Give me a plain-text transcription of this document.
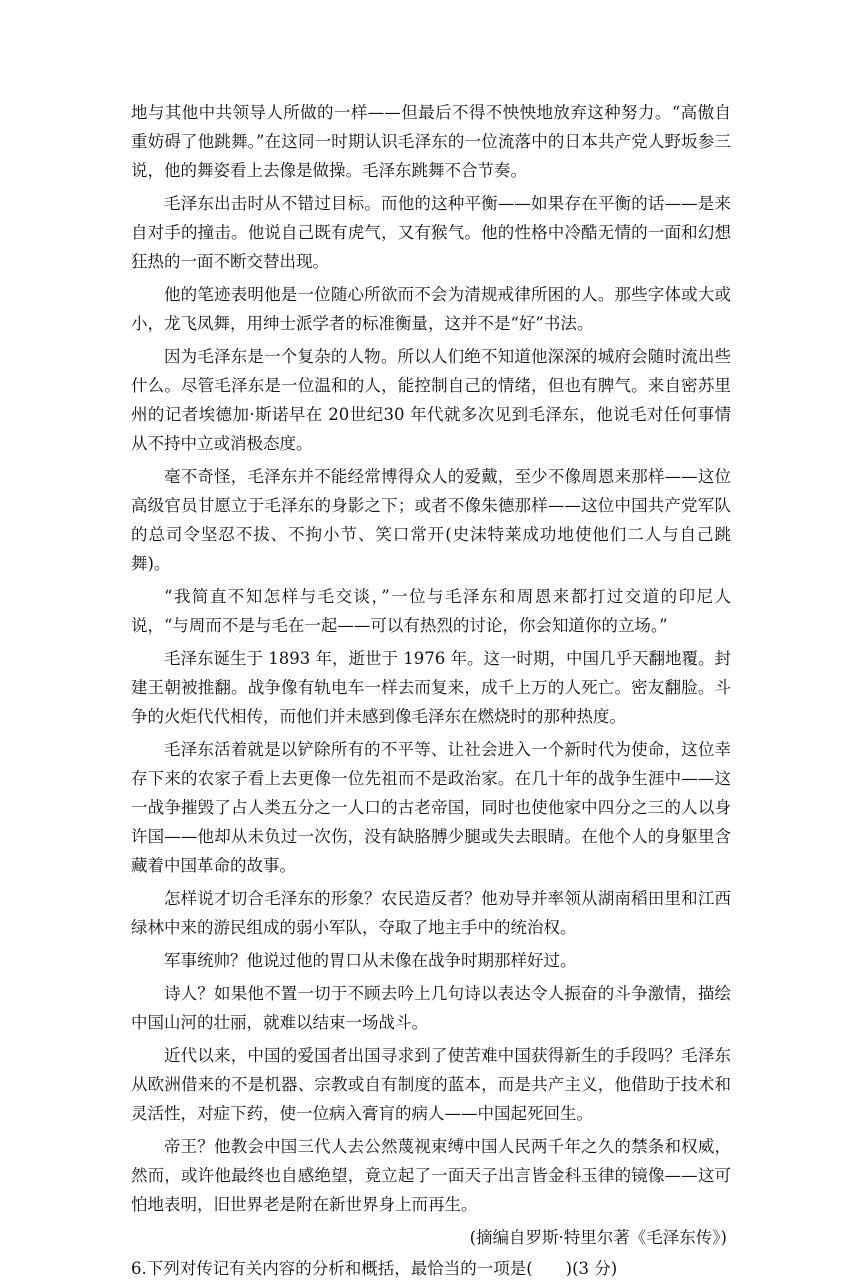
地与其他中共领导人所做的一样——但最后不得不怏怏地放弃这种努力。“高傲自重妨碍了他跳舞。”在这同一时期认识毛泽东的一位流落中的日本共产党人野坂参三说，他的舞姿看上去像是做操。毛泽东跳舞不合节奏。

毛泽东出击时从不错过目标。而他的这种平衡——如果存在平衡的话——是来自对手的撞击。他说自己既有虎气，又有猴气。他的性格中冷酷无情的一面和幻想狂热的一面不断交替出现。

他的笔迹表明他是一位随心所欲而不会为清规戒律所困的人。那些字体或大或小，龙飞凤舞，用绅士派学者的标准衡量，这并不是“好”书法。

因为毛泽东是一个复杂的人物。所以人们绝不知道他深深的城府会随时流出些什么。尽管毛泽东是一位温和的人，能控制自己的情绪，但也有脾气。来自密苏里州的记者埃德加·斯诺早在 20世纪30 年代就多次见到毛泽东，他说毛对任何事情从不持中立或消极态度。

毫不奇怪，毛泽东并不能经常博得众人的爱戴，至少不像周恩来那样——这位高级官员甘愿立于毛泽东的身影之下；或者不像朱德那样——这位中国共产党军队的总司令坚忍不拔、不拘小节、笑口常开(史沫特莱成功地使他们二人与自己跳舞)。

“我简直不知怎样与毛交谈，”一位与毛泽东和周恩来都打过交道的印尼人说，“与周而不是与毛在一起——可以有热烈的讨论，你会知道你的立场。”

毛泽东诞生于 1893 年，逝世于 1976 年。这一时期，中国几乎天翻地覆。封建王朝被推翻。战争像有轨电车一样去而复来，成千上万的人死亡。密友翻脸。斗争的火炬代代相传，而他们并未感到像毛泽东在燃烧时的那种热度。

毛泽东活着就是以铲除所有的不平等、让社会进入一个新时代为使命，这位幸存下来的农家子看上去更像一位先祖而不是政治家。在几十年的战争生涯中——这一战争摧毁了占人类五分之一人口的古老帝国，同时也使他家中四分之三的人以身许国——他却从未负过一次伤，没有缺胳膊少腿或失去眼睛。在他个人的身躯里含藏着中国革命的故事。

怎样说才切合毛泽东的形象？农民造反者？他劝导并率领从湖南稻田里和江西绿林中来的游民组成的弱小军队，夺取了地主手中的统治权。

军事统帅？他说过他的胃口从未像在战争时期那样好过。

诗人？如果他不置一切于不顾去吟上几句诗以表达令人振奋的斗争激情，描绘中国山河的壮丽，就难以结束一场战斗。

近代以来，中国的爱国者出国寻求到了使苦难中国获得新生的手段吗？毛泽东从欧洲借来的不是机器、宗教或自有制度的蓝本，而是共产主义，他借助于技术和灵活性，对症下药，使一位病入膏肓的病人——中国起死回生。

帝王？他教会中国三代人去公然蔑视束缚中国人民两千年之久的禁条和权威，然而，或许他最终也自感绝望，竟立起了一面天子出言皆金科玉律的镜像——这可怕地表明，旧世界老是附在新世界身上而再生。

(摘编自罗斯·特里尔著《毛泽东传》)

6.下列对传记有关内容的分析和概括，最恰当的一项是(　　)(3 分)
